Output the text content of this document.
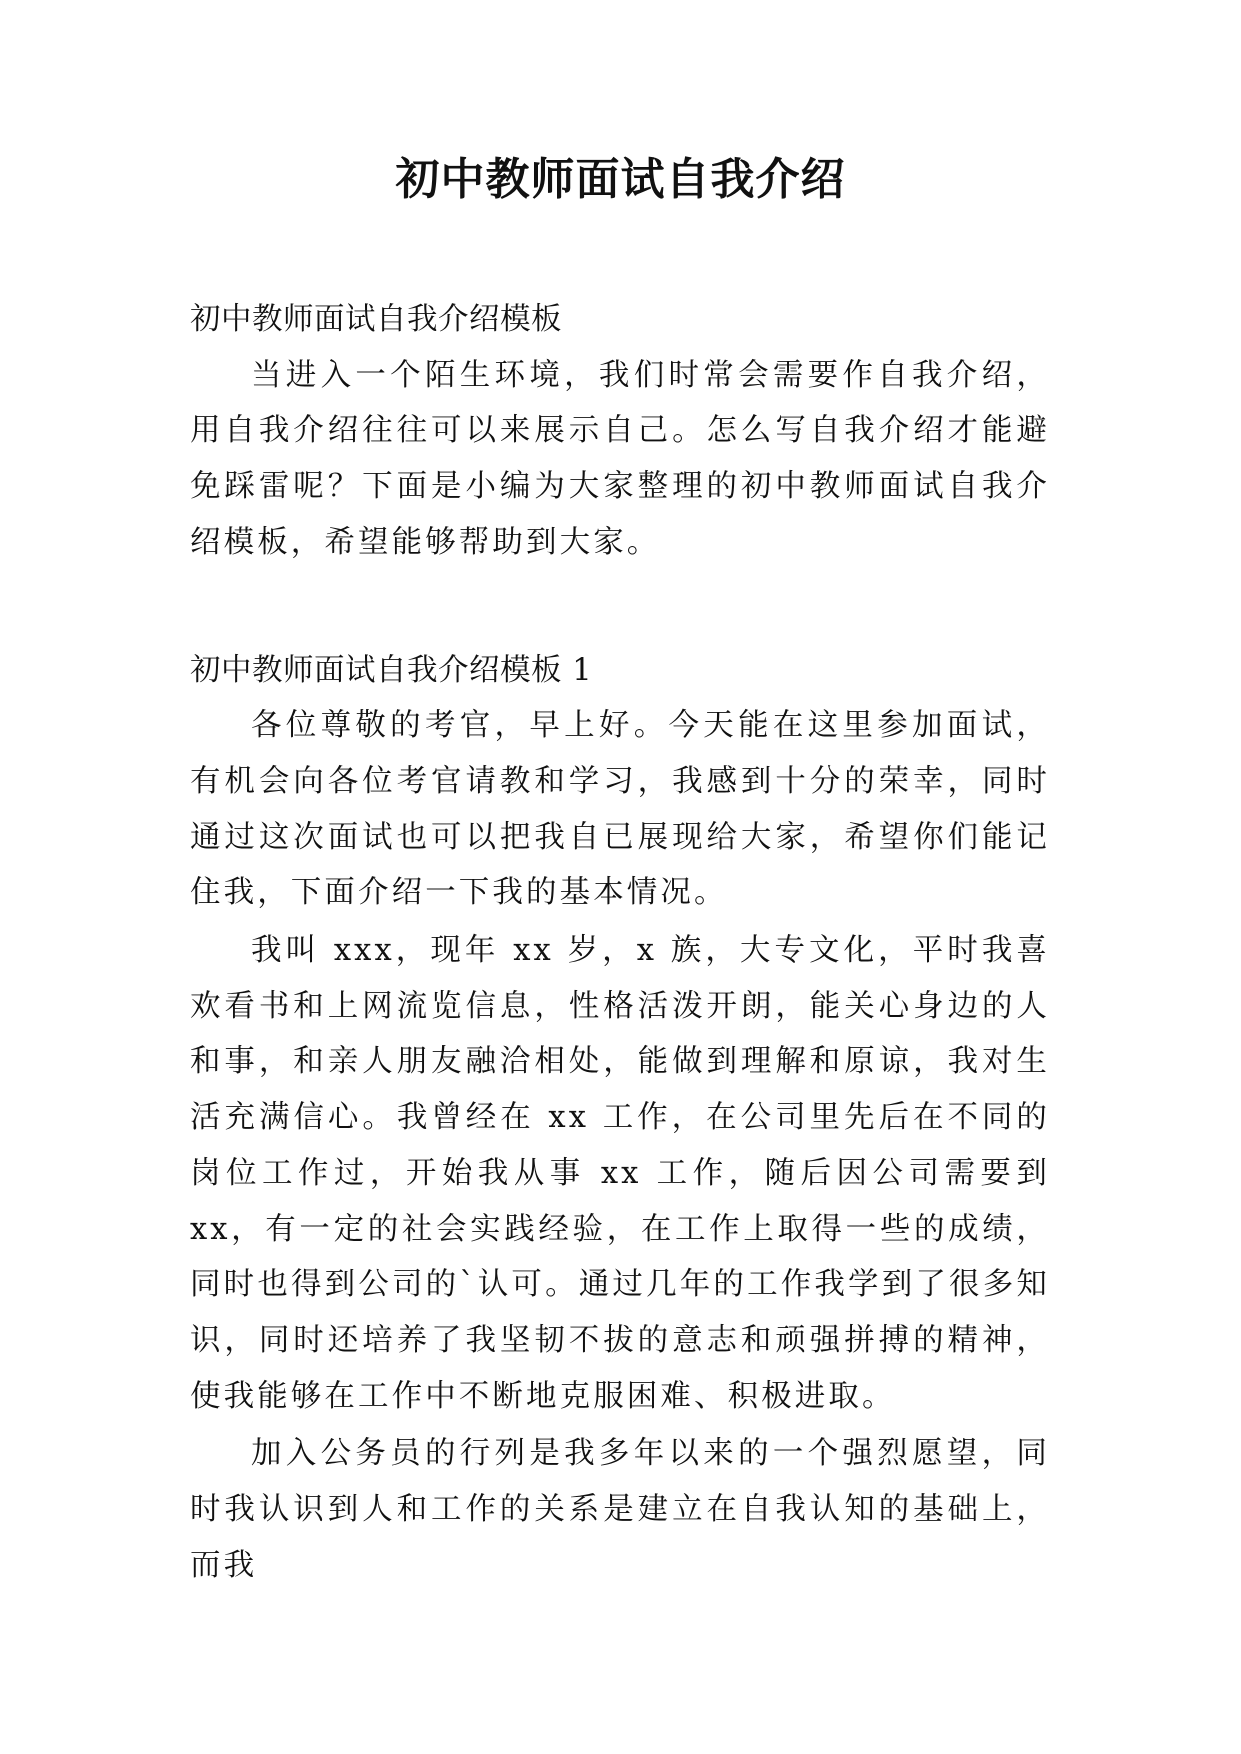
初中教师面试自我介绍

初中教师面试自我介绍模板

当进入一个陌生环境，我们时常会需要作自我介绍，用自我介绍往往可以来展示自己。怎么写自我介绍才能避免踩雷呢？下面是小编为大家整理的初中教师面试自我介绍模板，希望能够帮助到大家。

初中教师面试自我介绍模板 1

各位尊敬的考官，早上好。今天能在这里参加面试，有机会向各位考官请教和学习，我感到十分的荣幸，同时通过这次面试也可以把我自已展现给大家，希望你们能记住我，下面介绍一下我的基本情况。

我叫 xxx，现年 xx 岁，x 族，大专文化，平时我喜欢看书和上网流览信息，性格活泼开朗，能关心身边的人和事，和亲人朋友融洽相处，能做到理解和原谅，我对生活充满信心。我曾经在 xx 工作，在公司里先后在不同的岗位工作过，开始我从事 xx 工作，随后因公司需要到 xx，有一定的社会实践经验，在工作上取得一些的成绩，同时也得到公司的`认可。通过几年的工作我学到了很多知识，同时还培养了我坚韧不拔的意志和顽强拼搏的精神，使我能够在工作中不断地克服困难、积极进取。

加入公务员的行列是我多年以来的一个强烈愿望，同时我认识到人和工作的关系是建立在自我认知的基础上，而我
